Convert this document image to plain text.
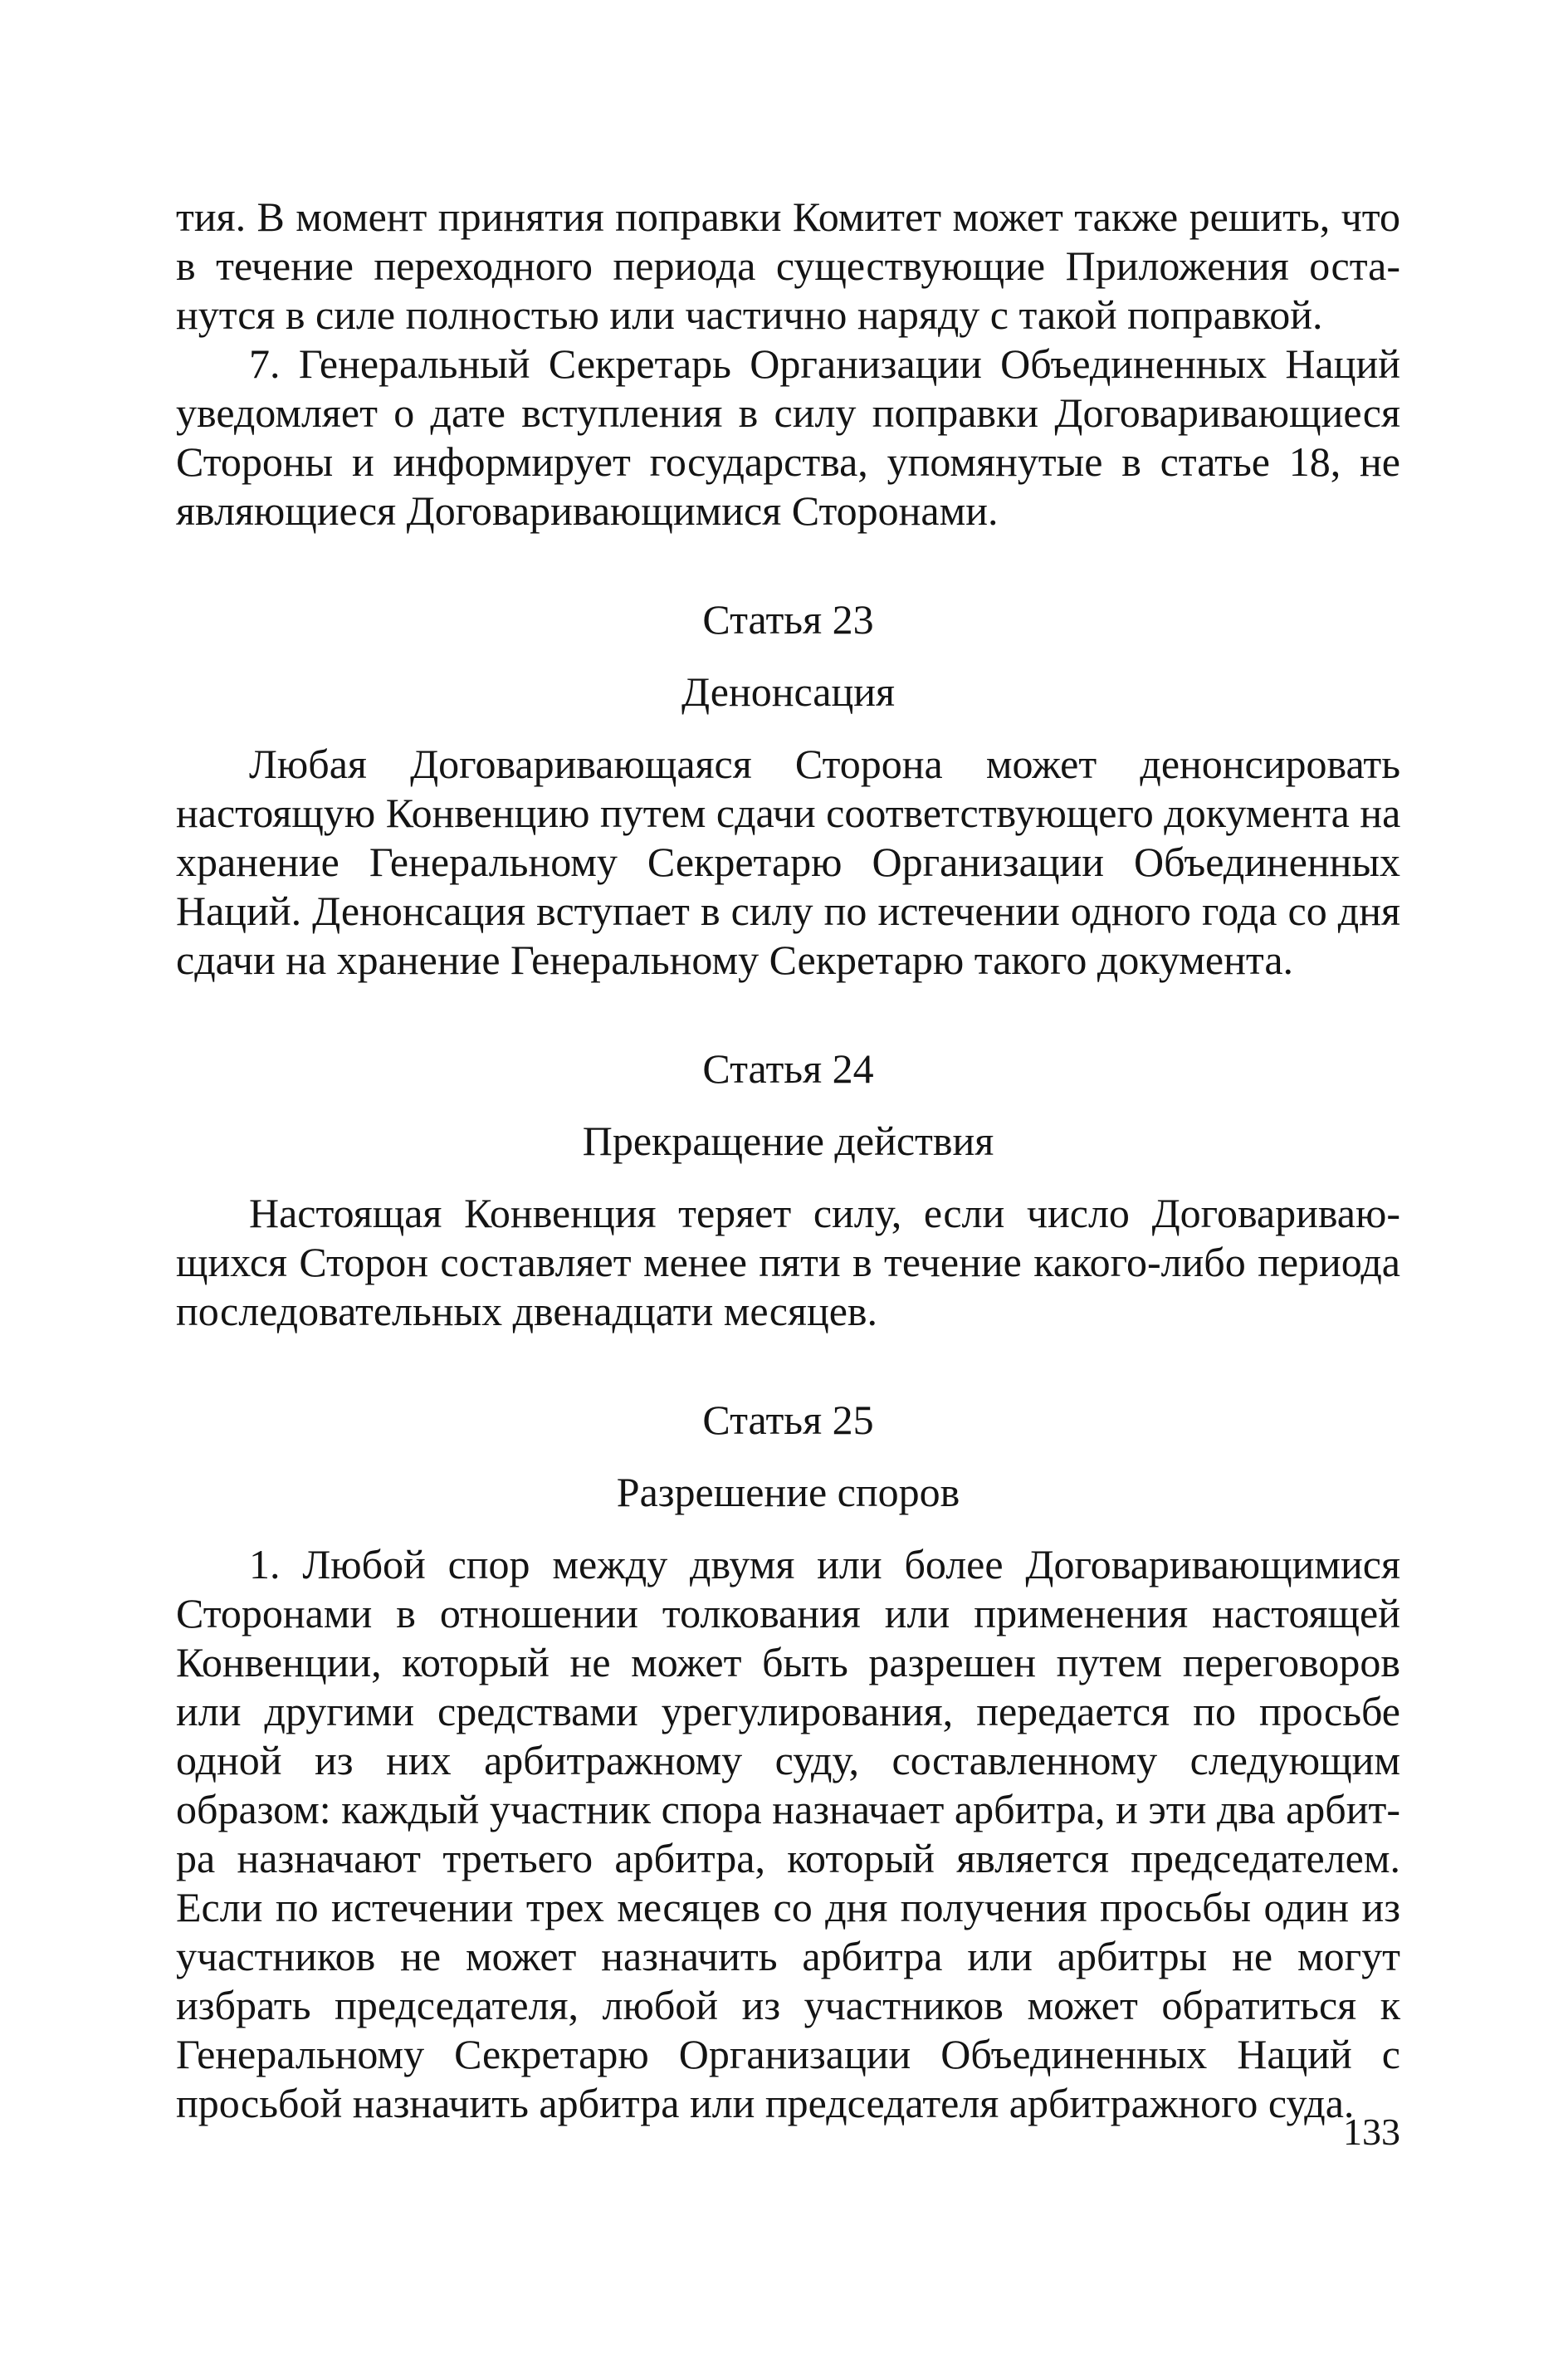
тия. В момент принятия поправки Комитет может также решить, что
в течение переходного периода существующие Приложения оста-
нутся в силе полностью или частично наряду с такой поправкой.

7. Генеральный Секретарь Организации Объединенных Наций
уведомляет о дате вступления в силу поправки Договаривающиеся
Стороны и информирует государства, упомянутые в статье 18, не
являющиеся Договаривающимися Сторонами.

Статья 23

Денонсация

Любая Договаривающаяся Сторона может денонсировать
настоящую Конвенцию путем сдачи соответствующего документа на
хранение Генеральному Секретарю Организации Объединенных
Наций. Денонсация вступает в силу по истечении одного года со дня
сдачи на хранение Генеральному Секретарю такого документа.

Статья 24

Прекращение действия

Настоящая Конвенция теряет силу, если число Договариваю-
щихся Сторон составляет менее пяти в течение какого-либо периода
последовательных двенадцати месяцев.

Статья 25

Разрешение споров

1. Любой спор между двумя или более Договаривающимися
Сторонами в отношении толкования или применения настоящей
Конвенции, который не может быть разрешен путем переговоров
или другими средствами урегулирования, передается по просьбе
одной из них арбитражному суду, составленному следующим
образом: каждый участник спора назначает арбитра, и эти два арбит-
ра назначают третьего арбитра, который является председателем.
Если по истечении трех месяцев со дня получения просьбы один из
участников не может назначить арбитра или арбитры не могут
избрать председателя, любой из участников может обратиться к
Генеральному Секретарю Организации Объединенных Наций с
просьбой назначить арбитра или председателя арбитражного суда.

133
